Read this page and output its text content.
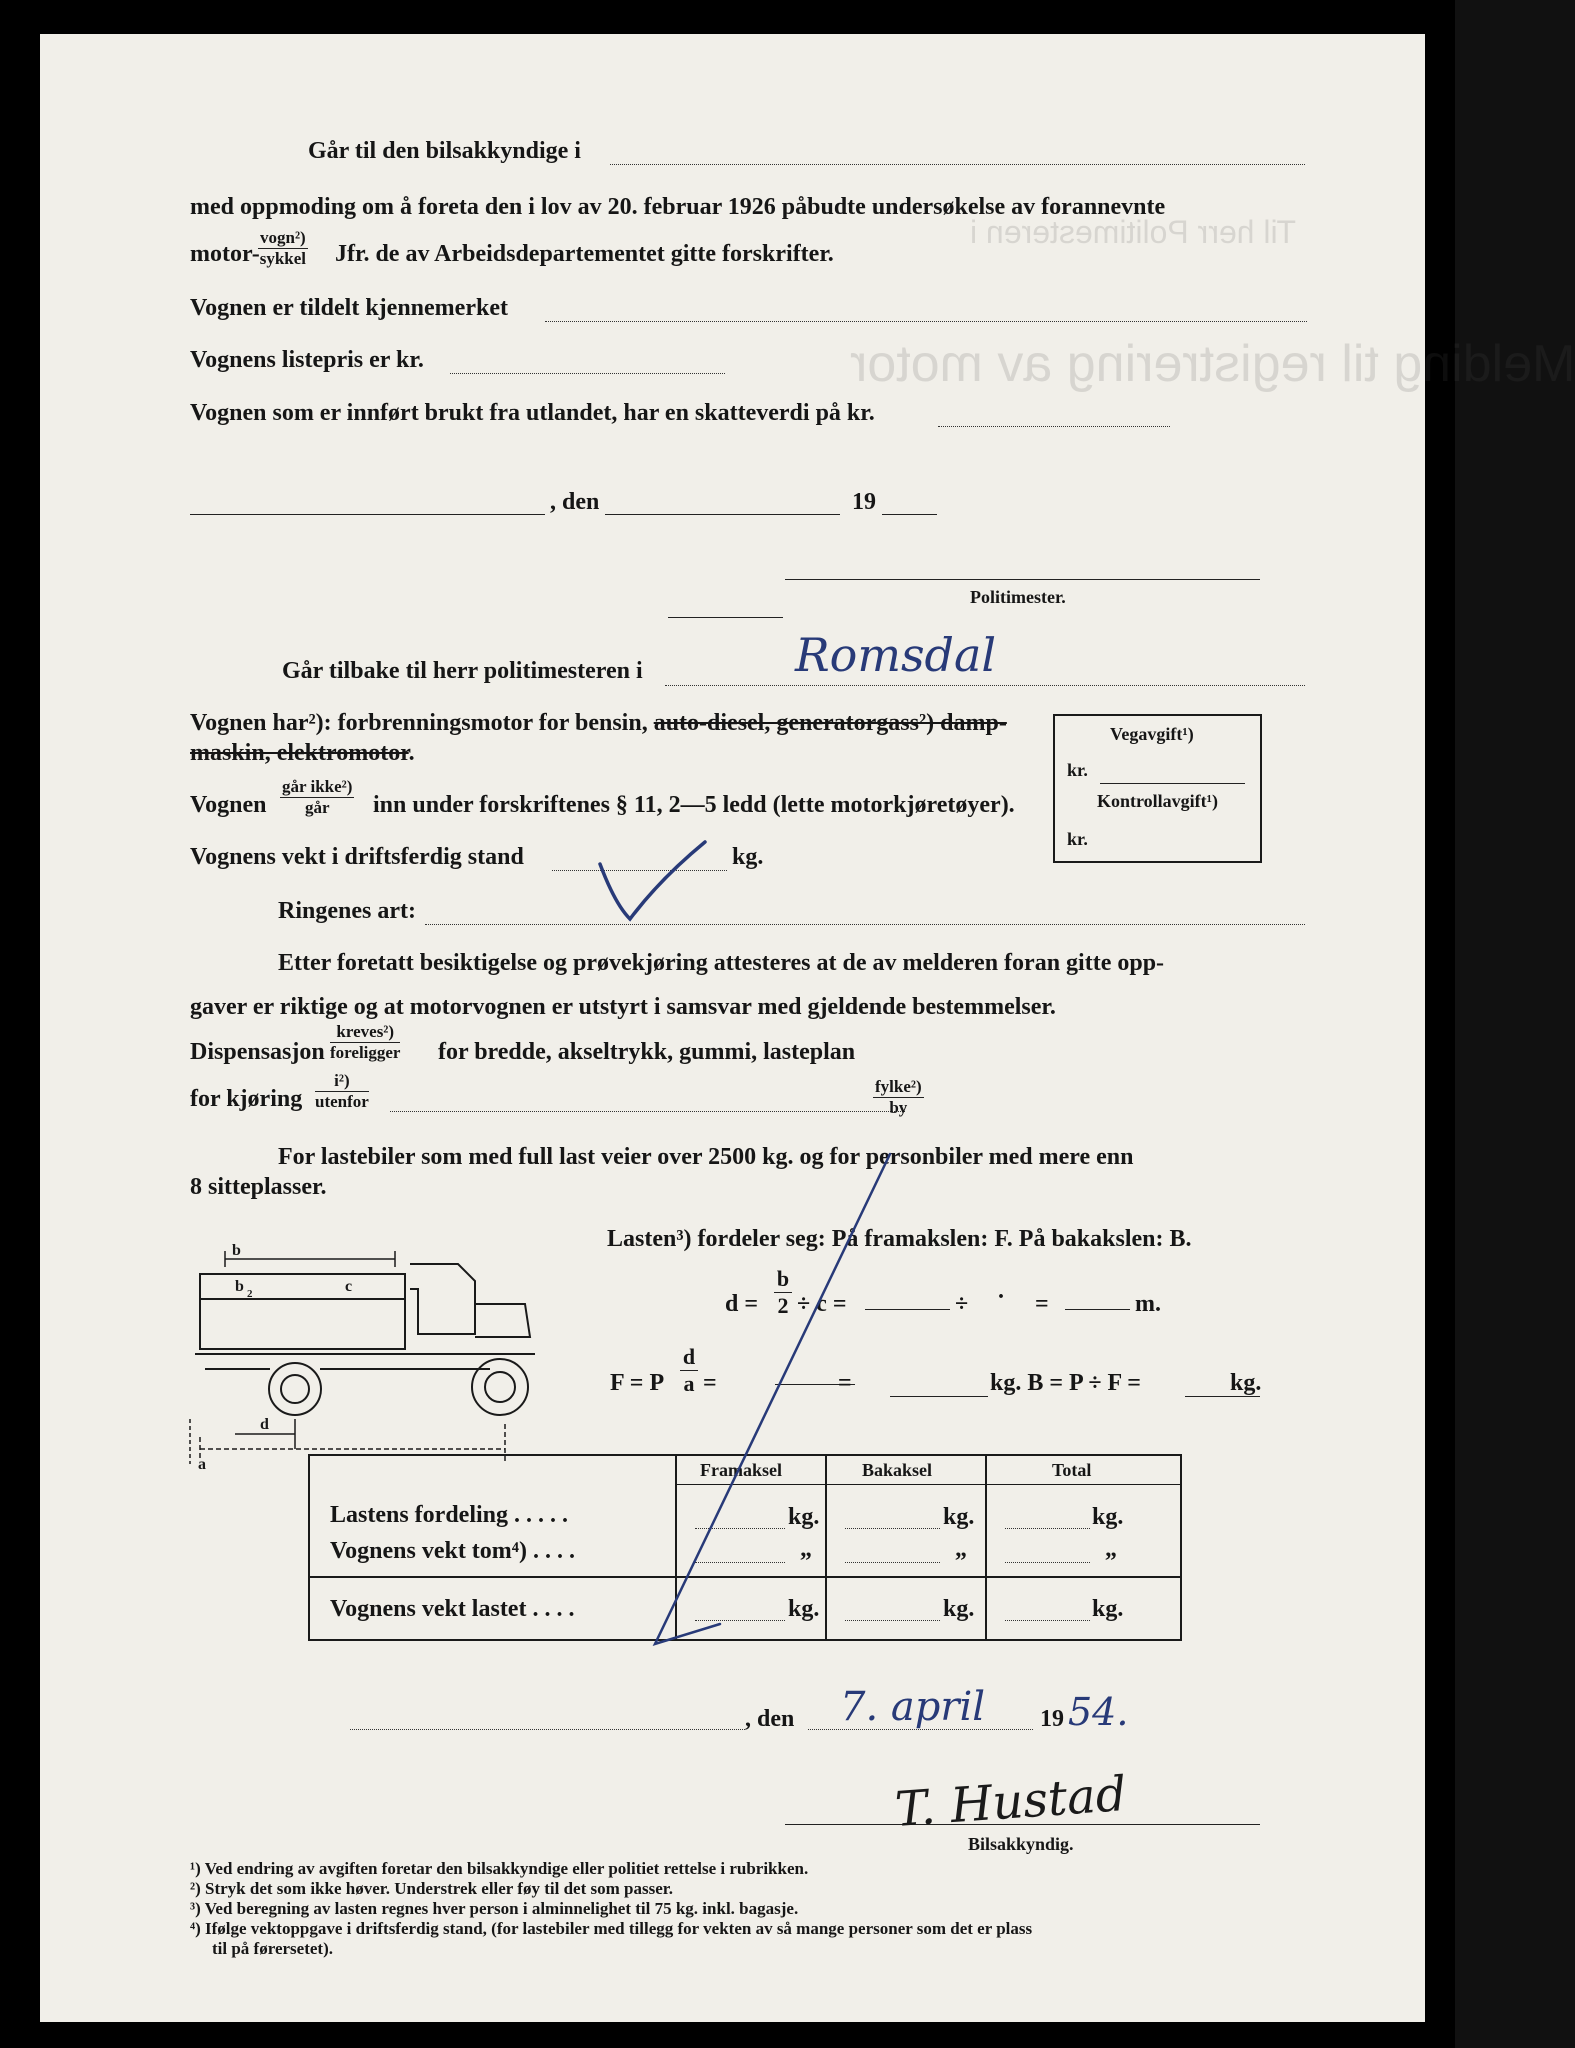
Melding til registrering av motor
Til herr Politimesteren i
Går til den bilsakkyndige i
med oppmoding om å foreta den i lov av 20. februar 1926 påbudte undersøkelse av forannevnte
motor-
vogn²)
sykkel Jfr. de av Arbeidsdepartementet gitte forskrifter.
Vognen er tildelt kjennemerket
Vognens listepris er kr.
Vognen som er innført brukt fra utlandet, har en skatteverdi på kr.
, den	19
Politimester.
Går tilbake til herr politimesteren i	Romsdal
Vognen har²): forbrenningsmotor for bensin, auto-diesel, generatorgass²) damp-
maskin, elektromotor.
Vognen
går ikke²)
går	inn under forskriftenes § 11, 2—5 ledd (lette motorkjøretøyer).
Vognens vekt i driftsferdig stand	kg.
Ringenes art:
Etter foretatt besiktigelse og prøvekjøring attesteres at de av melderen foran gitte opp-
gaver er riktige og at motorvognen er utstyrt i samsvar med gjeldende bestemmelser.
Dispensasjon
kreves²)
foreligger for bredde, akseltrykk, gummi, lasteplan
for kjøring
i²)
utenfor
fylke²)
by
For lastebiler som med full last veier over 2500 kg. og for personbiler med mere enn
8 sitteplasser.
Vegavgift¹)
kr.
Kontrollavgift¹)
kr.
Lasten³) fordeler seg: På framakslen: F. På bakakslen: B.
$d = \frac{b}{2} \div c$ =	÷ · =	m.
F = P $\frac{d}{a}$ =	=	kg. B = P ÷ F =	kg.
b
b 2	c
d
a	Framaksel	Bakaksel	Total
Lastens fordeling . . . . .	kg.	kg.	kg.
Vognens vekt tom⁴) . . . .	„	„	„
Vognens vekt lastet . . . .	kg.	kg.	kg.
, den 7. april 19 54.
T. Hustad
Bilsakkyndig.
¹) Ved endring av avgiften foretar den bilsakkyndige eller politiet rettelse i rubrikken.
²) Stryk det som ikke høver. Understrek eller føy til det som passer.
³) Ved beregning av lasten regnes hver person i alminnelighet til 75 kg. inkl. bagasje.
⁴) Ifølge vektoppgave i driftsferdig stand, (for lastebiler med tillegg for vekten av så mange personer som det er plass
til på førersetet).
